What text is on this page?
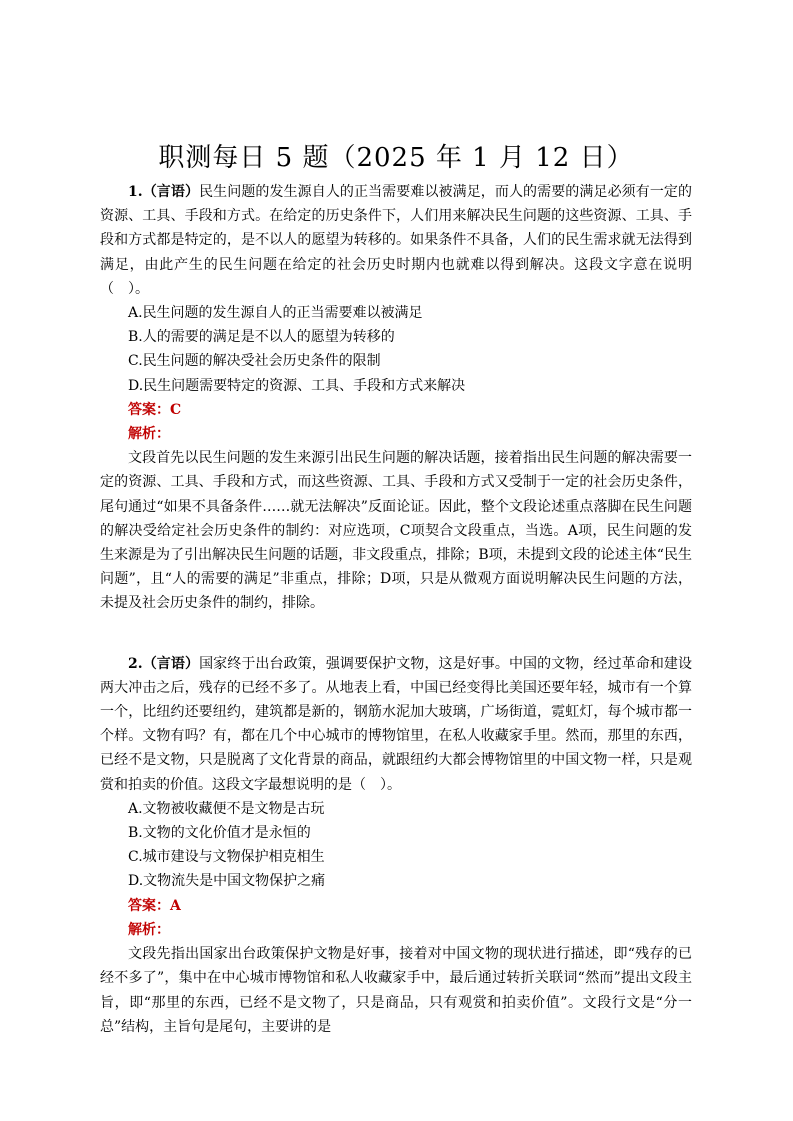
职测每日 5 题（2025 年 1 月 12 日）

1.（言语）民生问题的发生源自人的正当需要难以被满足，而人的需要的满足必须有一定的资源、工具、手段和方式。在给定的历史条件下，人们用来解决民生问题的这些资源、工具、手段和方式都是特定的，是不以人的愿望为转移的。如果条件不具备，人们的民生需求就无法得到满足，由此产生的民生问题在给定的社会历史时期内也就难以得到解决。这段文字意在说明（　）。

A.民生问题的发生源自人的正当需要难以被满足

B.人的需要的满足是不以人的愿望为转移的

C.民生问题的解决受社会历史条件的限制

D.民生问题需要特定的资源、工具、手段和方式来解决

答案：C

解析：

文段首先以民生问题的发生来源引出民生问题的解决话题，接着指出民生问题的解决需要一定的资源、工具、手段和方式，而这些资源、工具、手段和方式又受制于一定的社会历史条件，尾句通过“如果不具备条件……就无法解决”反面论证。因此，整个文段论述重点落脚在民生问题的解决受给定社会历史条件的制约：对应选项，C项契合文段重点，当选。A项，民生问题的发生来源是为了引出解决民生问题的话题，非文段重点，排除；B项，未提到文段的论述主体“民生问题”，且“人的需要的满足”非重点，排除；D项，只是从微观方面说明解决民生问题的方法，未提及社会历史条件的制约，排除。

2.（言语）国家终于出台政策，强调要保护文物，这是好事。中国的文物，经过革命和建设两大冲击之后，残存的已经不多了。从地表上看，中国已经变得比美国还要年轻，城市有一个算一个，比纽约还要纽约，建筑都是新的，钢筋水泥加大玻璃，广场街道，霓虹灯，每个城市都一个样。文物有吗？有，都在几个中心城市的博物馆里，在私人收藏家手里。然而，那里的东西，已经不是文物，只是脱离了文化背景的商品，就跟纽约大都会博物馆里的中国文物一样，只是观赏和拍卖的价值。这段文字最想说明的是（　）。

A.文物被收藏便不是文物是古玩

B.文物的文化价值才是永恒的

C.城市建设与文物保护相克相生

D.文物流失是中国文物保护之痛

答案：A

解析：

文段先指出国家出台政策保护文物是好事，接着对中国文物的现状进行描述，即“残存的已经不多了”，集中在中心城市博物馆和私人收藏家手中，最后通过转折关联词“然而”提出文段主旨，即“那里的东西，已经不是文物了，只是商品，只有观赏和拍卖价值”。文段行文是“分一总”结构，主旨句是尾句，主要讲的是
